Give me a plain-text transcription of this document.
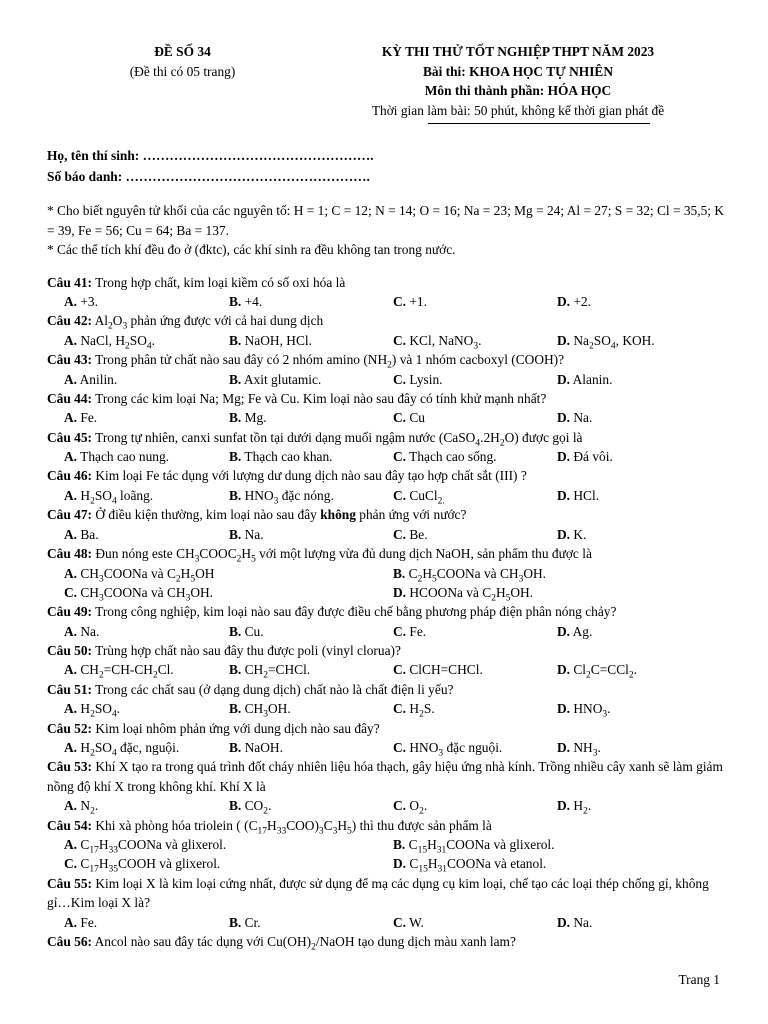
ĐỀ SỐ 34
(Đề thi có 05 trang)
KỲ THI THỬ TỐT NGHIỆP THPT NĂM 2023
Bài thi: KHOA HỌC TỰ NHIÊN
Môn thi thành phần: HÓA HỌC
Thời gian làm bài: 50 phút, không kể thời gian phát đề
Họ, tên thí sinh: …………………………………………….
Số báo danh: ……………………………………………….
* Cho biết nguyên tử khối của các nguyên tố: H = 1; C = 12; N = 14; O = 16; Na = 23; Mg = 24; Al = 27; S = 32; Cl = 35,5; K = 39, Fe = 56; Cu = 64; Ba = 137.
* Các thể tích khí đều đo ở (đktc), các khí sinh ra đều không tan trong nước.
Câu 41: Trong hợp chất, kim loại kiềm có số oxi hóa là
A. +3.	B. +4.	C. +1.	D. +2.
Câu 42: $Al_2O_3$ phản ứng được với cả hai dung dịch
A. NaCl, $H_2SO_4$.	B. NaOH, HCl.	C. KCl, NaNO$_3$.	D. $Na_2SO_4$, KOH.
Câu 43: Trong phân tử chất nào sau đây có 2 nhóm amino $(NH_2)$ và 1 nhóm cacboxyl (COOH)?
A. Anilin.	B. Axit glutamic.	C. Lysin.	D. Alanin.
Câu 44: Trong các kim loại Na; Mg; Fe và Cu. Kim loại nào sau đây có tính khử mạnh nhất?
A. Fe.	B. Mg.	C. Cu	D. Na.
Câu 45: Trong tự nhiên, canxi sunfat tồn tại dưới dạng muối ngậm nước $(CaSO_4.2H_2O)$ được gọi là
A. Thạch cao nung.	B. Thạch cao khan.	C. Thạch cao sống.	D. Đá vôi.
Câu 46: Kim loại Fe tác dụng với lượng dư dung dịch nào sau đây tạo hợp chất sắt (III) ?
A. $H_2SO_4$ loãng.	B. $HNO_3$ đặc nóng.	C. CuCl$_{2.}$	D. HCl.
Câu 47: Ở điều kiện thường, kim loại nào sau đây không phản ứng với nước?
A. Ba.	B. Na.	C. Be.	D. K.
Câu 48: Đun nóng este $CH_3COOC_2H_5$ với một lượng vừa đủ dung dịch NaOH, sản phẩm thu được là
A. $CH_3COONa$ và $C_2H_5OH$	B. $C_2H_5COONa$ và $CH_3OH$.
C. $CH_3COONa$ và $CH_3OH$.	D. HCOONa và $C_2H_5OH$.
Câu 49: Trong công nghiệp, kim loại nào sau đây được điều chế bằng phương pháp điện phân nóng chảy?
A. Na.	B. Cu.	C. Fe.	D. Ag.
Câu 50: Trùng hợp chất nào sau đây thu được poli (vinyl clorua)?
A. $CH_2=CH-CH_2Cl$.	B. $CH_2=CHCl$.	C. ClCH=CHCl.	D. $Cl_2C=CCl_2$.
Câu 51: Trong các chất sau (ở dạng dung dịch) chất nào là chất điện li yếu?
A. $H_2SO_4$.	B. $CH_3OH$.	C. $H_2S$.	D. $HNO_3$.
Câu 52: Kim loại nhôm phản ứng với dung dịch nào sau đây?
A. $H_2SO_4$ đặc, nguội.	B. NaOH.	C. $HNO_3$ đặc nguội.	D. $NH_3$.
Câu 53: Khí X tạo ra trong quá trình đốt cháy nhiên liệu hóa thạch, gây hiệu ứng nhà kính. Trồng nhiều cây xanh sẽ làm giảm nồng độ khí X trong không khí. Khí X là
A. $N_2$.	B. $CO_2$.	C. $O_2$.	D. $H_2$.
Câu 54: Khi xà phòng hóa triolein ( $(C_{17}H_{33}COO)_3C_3H_5$) thì thu được sản phẩm là
A. $C_{17}H_{33}COONa$ và glixerol.	B. $C_{15}H_{31}COONa$ và glixerol.
C. $C_{17}H_{35}COOH$ và glixerol.	D. $C_{15}H_{31}COONa$ và etanol.
Câu 55: Kim loại X là kim loại cứng nhất, được sử dụng để mạ các dụng cụ kim loại, chế tạo các loại thép chống gỉ, không gỉ…Kim loại X là?
A. Fe.	B. Cr.	C. W.	D. Na.
Câu 56: Ancol nào sau đây tác dụng với $Cu(OH)_2$/NaOH tạo dung dịch màu xanh lam?
Trang 1
